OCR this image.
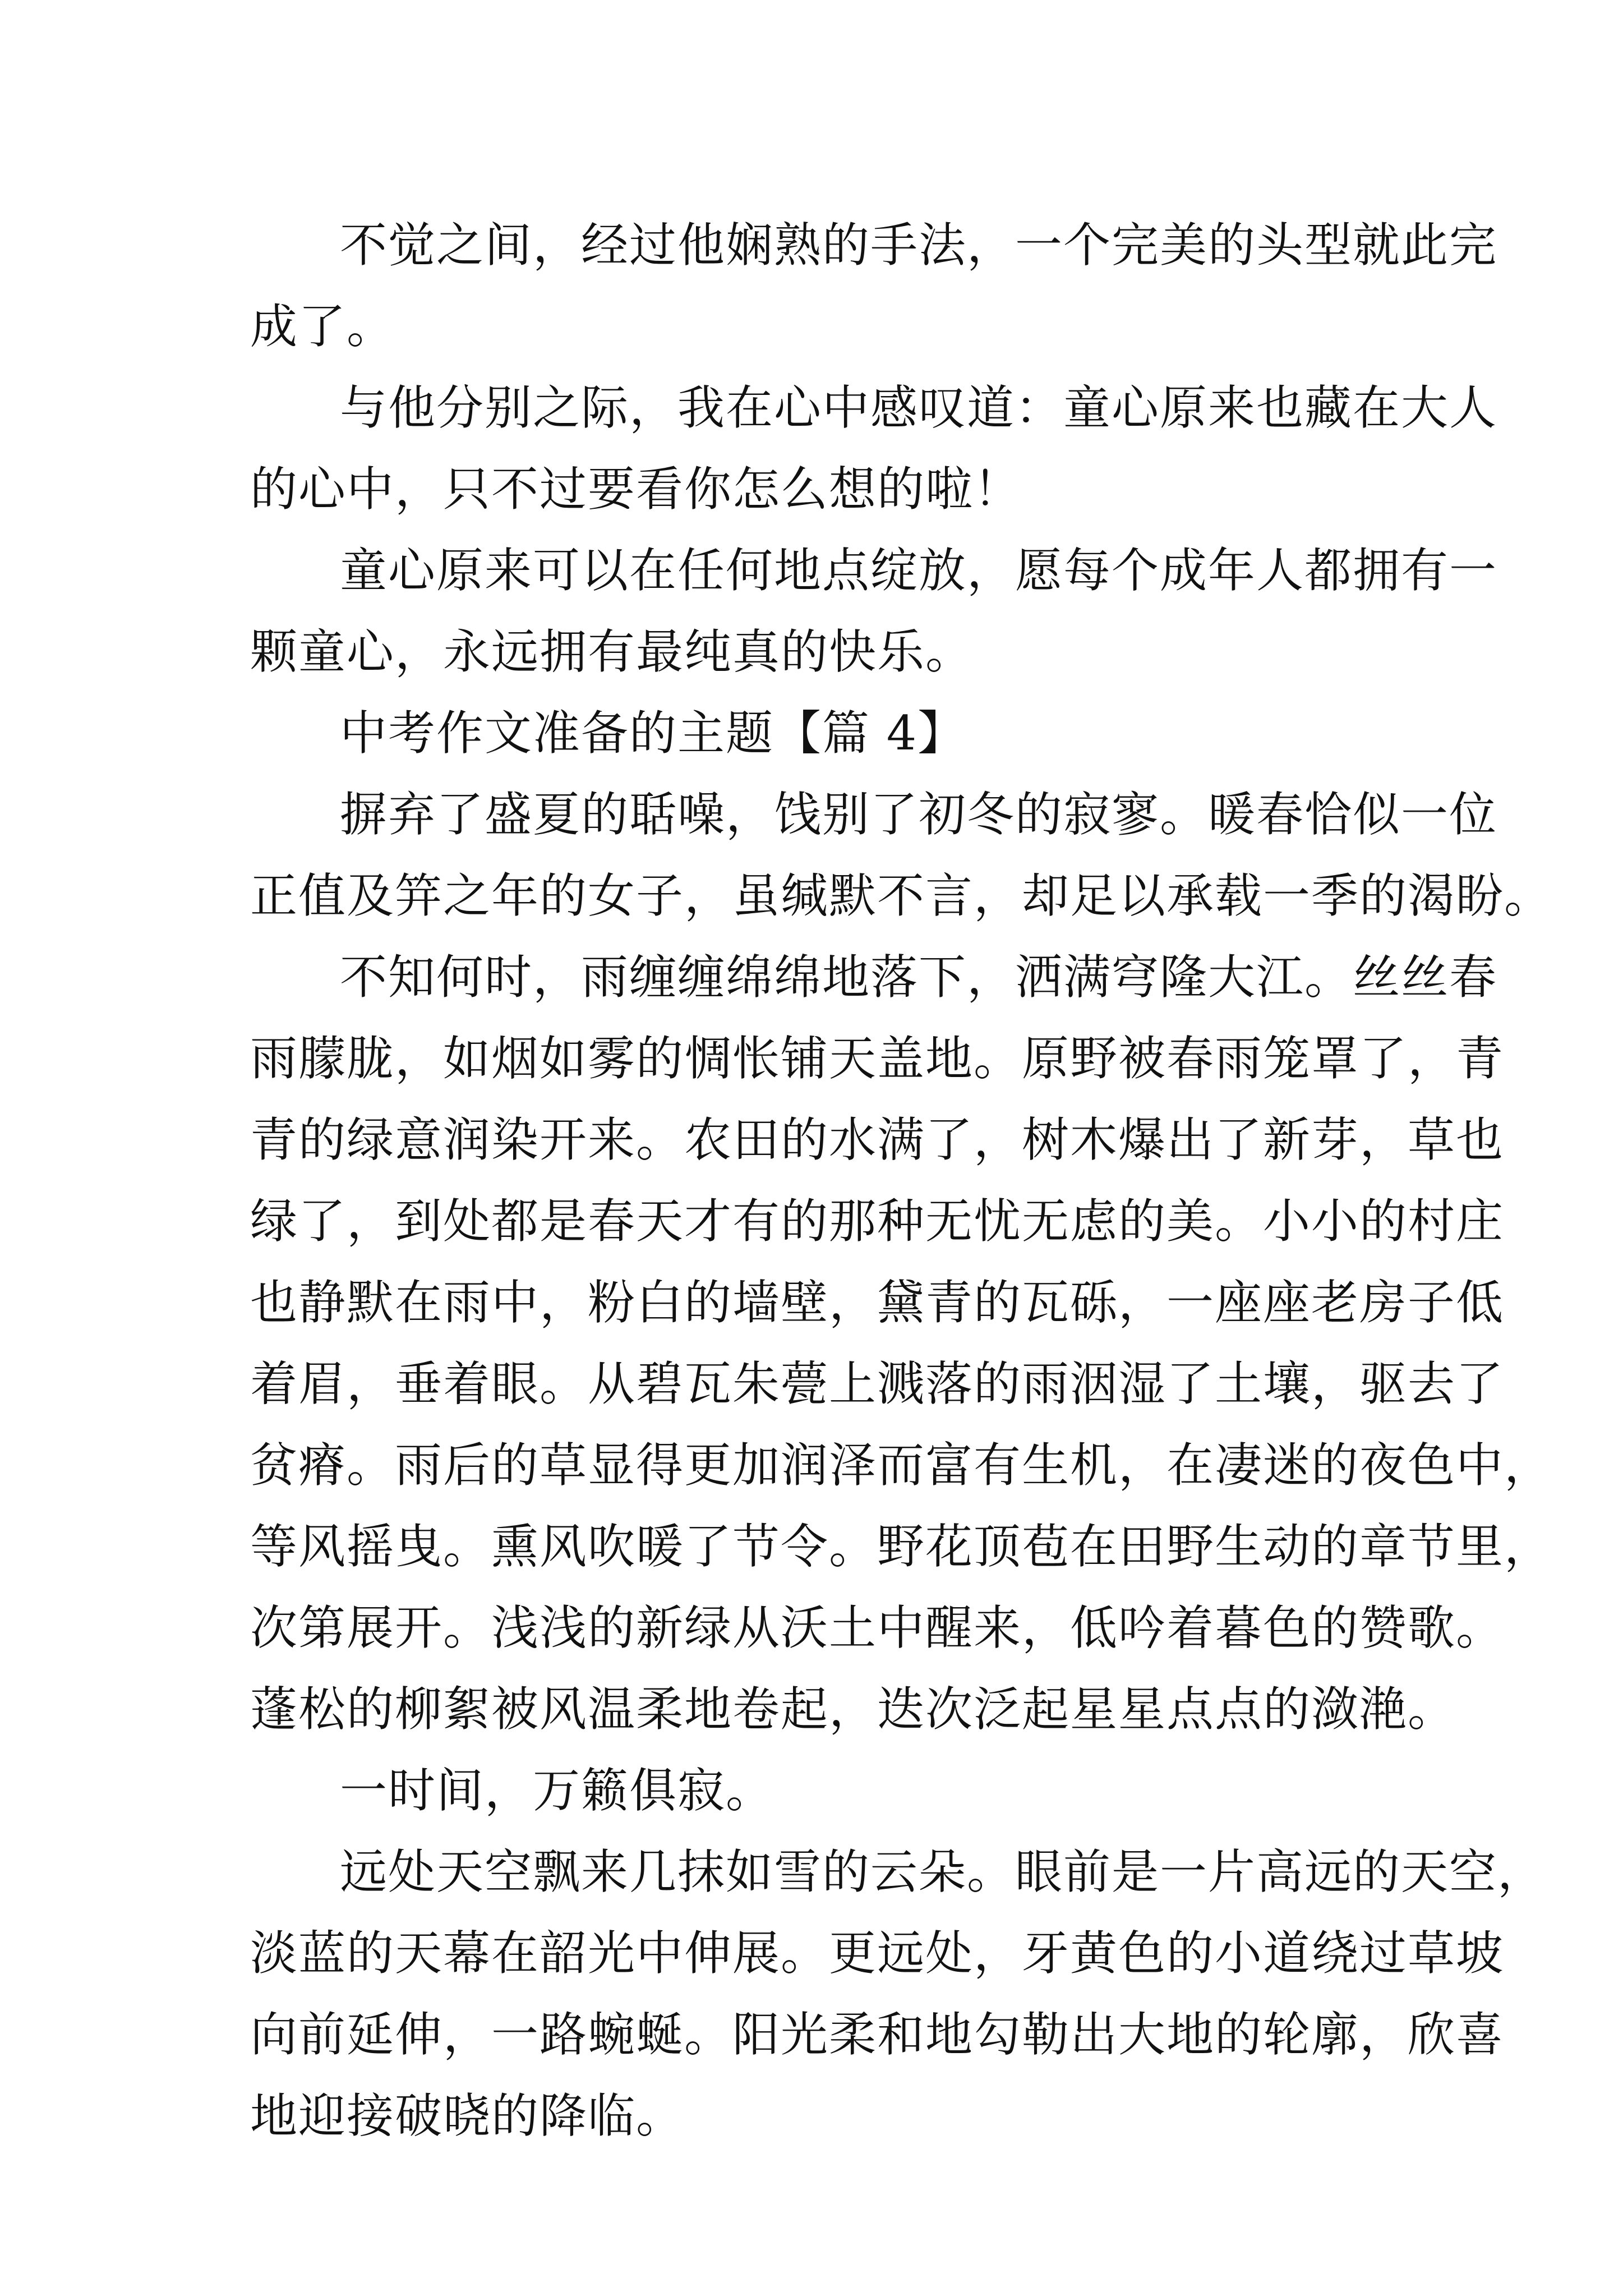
不觉之间，经过他娴熟的手法，一个完美的头型就此完
成了。
与他分别之际，我在心中感叹道：童心原来也藏在大人
的心中，只不过要看你怎么想的啦！
童心原来可以在任何地点绽放，愿每个成年人都拥有一
颗童心，永远拥有最纯真的快乐。
中考作文准备的主题【篇 4】
摒弃了盛夏的聒噪，饯别了初冬的寂寥。暖春恰似一位
正值及笄之年的女子，虽缄默不言，却足以承载一季的渴盼。
不知何时，雨缠缠绵绵地落下，洒满穹隆大江。丝丝春
雨朦胧，如烟如雾的惆怅铺天盖地。原野被春雨笼罩了，青
青的绿意润染开来。农田的水满了，树木爆出了新芽，草也
绿了，到处都是春天才有的那种无忧无虑的美。小小的村庄
也静默在雨中，粉白的墙壁，黛青的瓦砾，一座座老房子低
着眉，垂着眼。从碧瓦朱甍上溅落的雨洇湿了土壤，驱去了
贫瘠。雨后的草显得更加润泽而富有生机，在凄迷的夜色中，
等风摇曳。熏风吹暖了节令。野花顶苞在田野生动的章节里，
次第展开。浅浅的新绿从沃土中醒来，低吟着暮色的赞歌。
蓬松的柳絮被风温柔地卷起，迭次泛起星星点点的潋滟。
一时间，万籁俱寂。
远处天空飘来几抹如雪的云朵。眼前是一片高远的天空，
淡蓝的天幕在韶光中伸展。更远处，牙黄色的小道绕过草坡
向前延伸，一路蜿蜒。阳光柔和地勾勒出大地的轮廓，欣喜
地迎接破晓的降临。
